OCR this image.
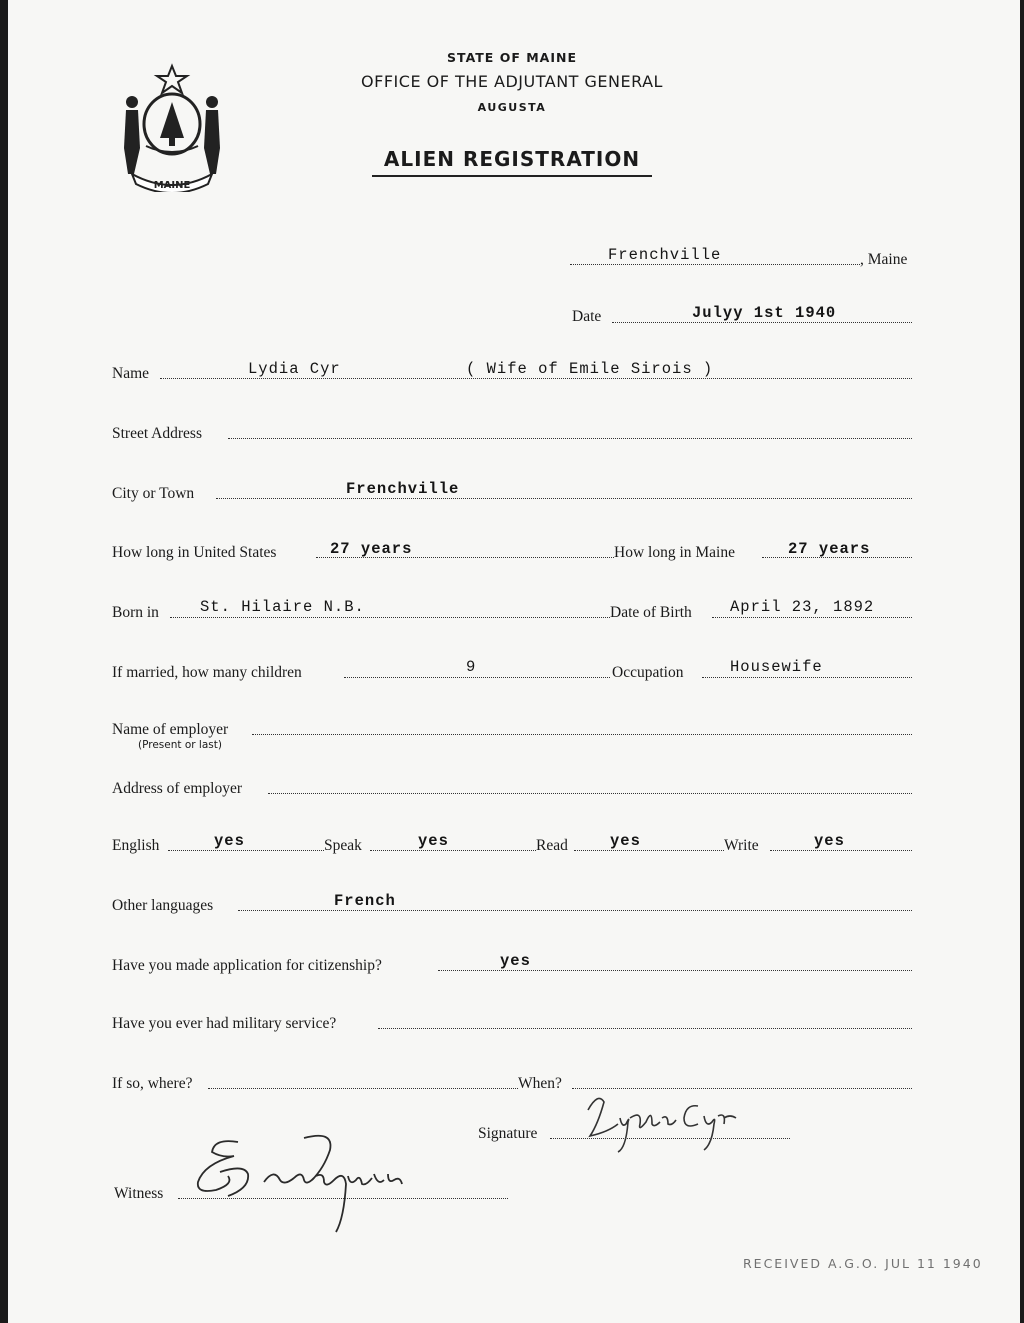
MAINE
STATE OF MAINE
OFFICE OF THE ADJUTANT GENERAL
AUGUSTA
ALIEN REGISTRATION
Frenchville	, Maine
Date	Julyy 1st 1940
Name	Lydia Cyr	( Wife of Emile Sirois )
Street Address
City or Town	Frenchville
How long in United States	27 years	How long in Maine	27 years
Born in	St. Hilaire N.B.	Date of Birth April 23, 1892
If married, how many children	9	Occupation	Housewife
Name of employer
(Present or last)
Address of employer
English	yes	Speak	yes	Read	yes	Write	yes
Other languages	French
Have you made application for citizenship?	yes
Have you ever had military service?
If so, where?	When?
Signature
Lydia Cyr
Witness
E. Levesque
RECEIVED A.G.O. JUL 11 1940
